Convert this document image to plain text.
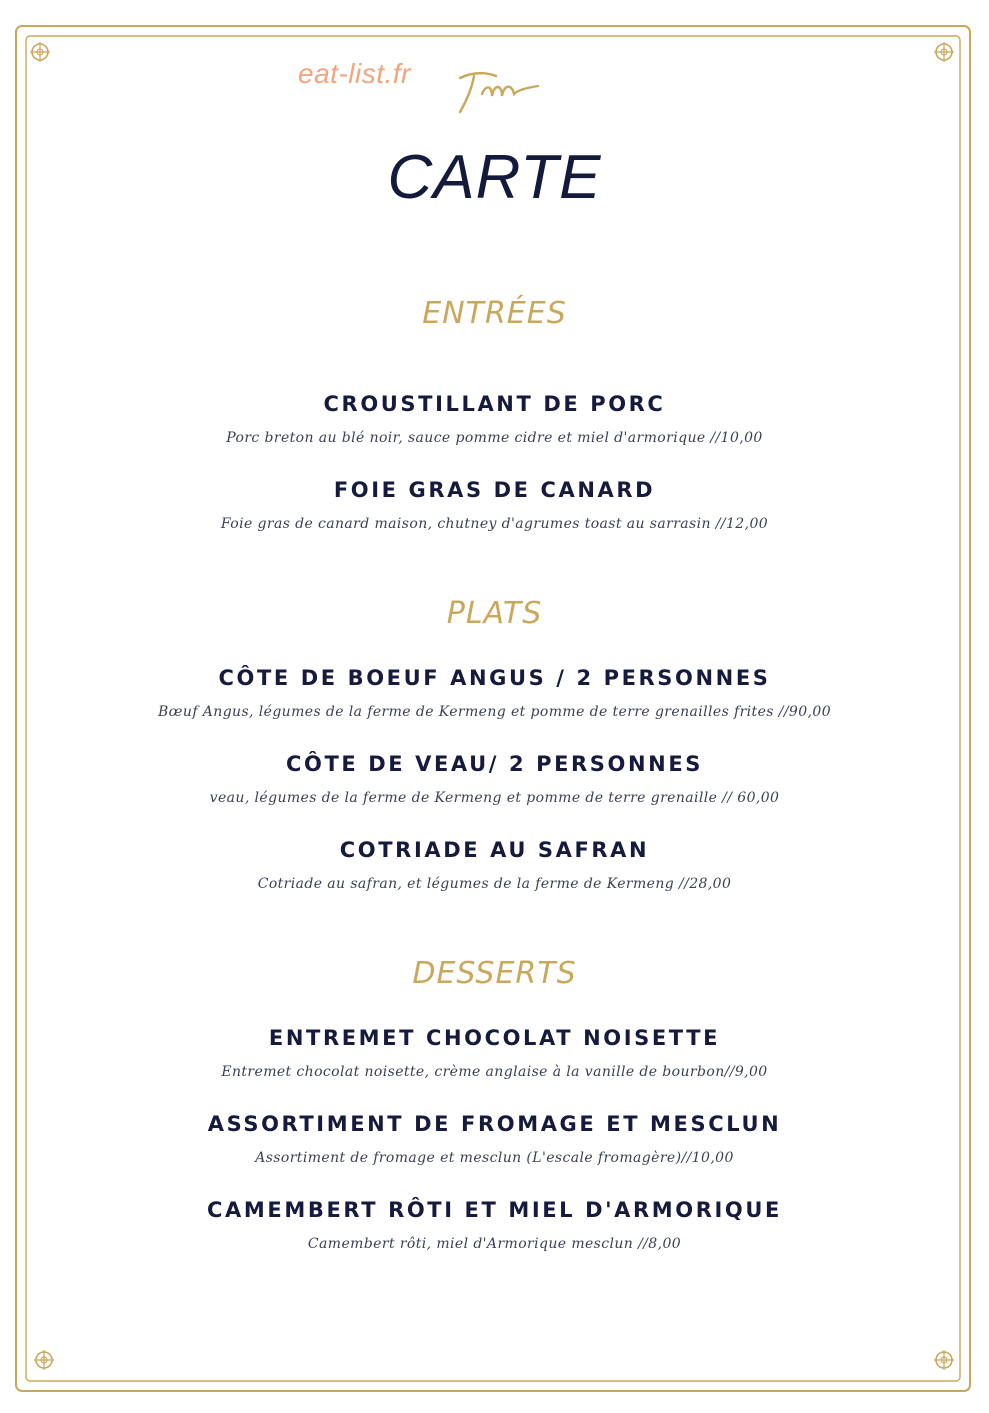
eat-list.fr
CARTE
ENTRÉES
CROUSTILLANT DE PORC
Porc breton au blé noir, sauce pomme cidre et miel d'armorique //10,00
FOIE GRAS DE CANARD
Foie gras de canard maison, chutney d'agrumes toast au sarrasin //12,00
PLATS
CÔTE DE BOEUF ANGUS / 2 PERSONNES
Bœuf Angus, légumes de la ferme de Kermeng et pomme de terre grenailles frites //90,00
CÔTE DE VEAU/ 2 PERSONNES
veau, légumes de la ferme de Kermeng et pomme de terre grenaille // 60,00
COTRIADE AU SAFRAN
Cotriade au safran, et légumes de la ferme de Kermeng //28,00
DESSERTS
ENTREMET CHOCOLAT NOISETTE
Entremet chocolat noisette, crème anglaise à la vanille de bourbon//9,00
ASSORTIMENT DE FROMAGE ET MESCLUN
Assortiment de fromage et mesclun (L'escale fromagère)//10,00
CAMEMBERT RÔTI ET MIEL D'ARMORIQUE
Camembert rôti, miel d'Armorique mesclun //8,00
